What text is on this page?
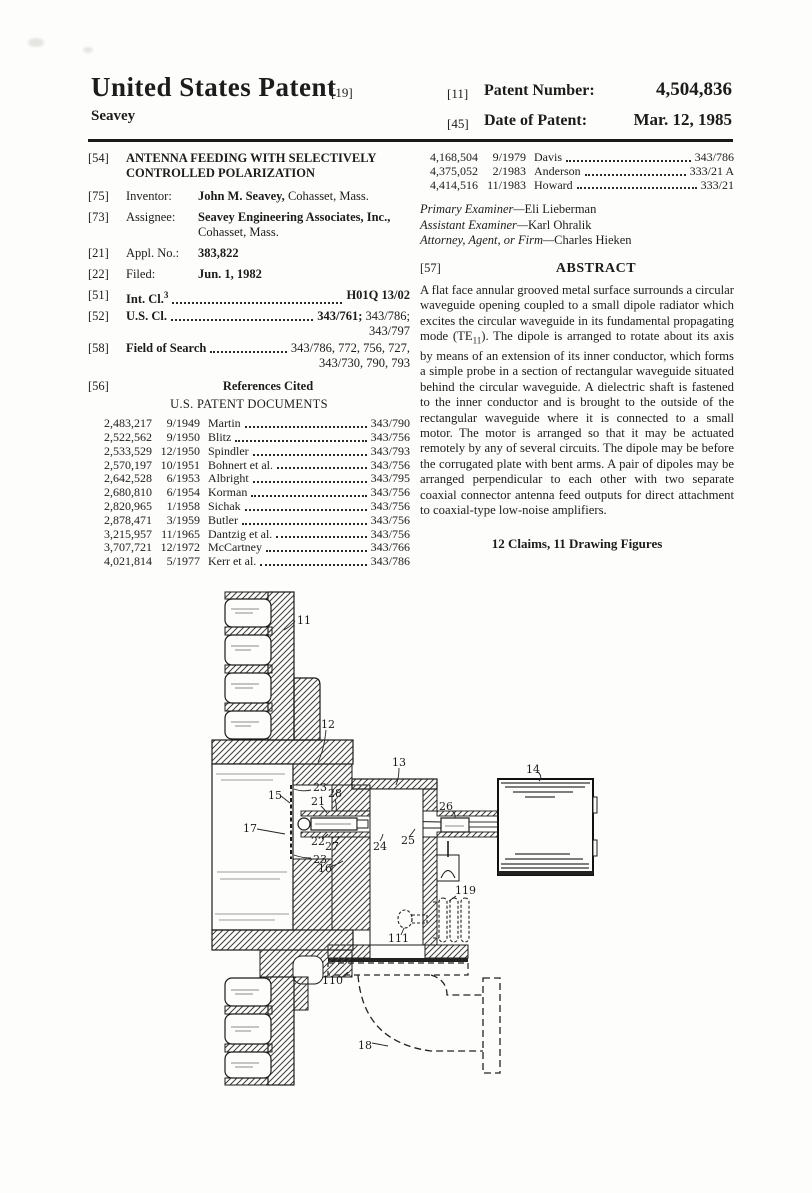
United States Patent
[19]
Seavey
[11] Patent Number:	4,504,836
[45] Date of Patent:	Mar. 12, 1985
[54]	ANTENNA FEEDING WITH SELECTIVELY
CONTROLLED POLARIZATION
[75]	Inventor:	John M. Seavey, Cohasset, Mass.
[73]	Assignee:	Seavey Engineering Associates, Inc.,
Cohasset, Mass.
[21]	Appl. No.:	383,822
[22]	Filed:	Jun. 1, 1982
[51]	Int. Cl.$^3$	H01Q 13/02
[52]	U.S. Cl.	343/761; 343/786;
343/797
[58]	Field of Search	343/786, 772, 756, 727,
343/730, 790, 793
[56]	References Cited
U.S. PATENT DOCUMENTS
2,483,217	9/1949 Martin	343/790
2,522,562	9/1950 Blitz	343/756
2,533,529 12/1950 Spindler	343/793
2,570,197 10/1951 Bohnert et al.	343/756
2,642,528	6/1953 Albright	343/795
2,680,810	6/1954 Korman	343/756
2,820,965	1/1958 Sichak	343/756
2,878,471	3/1959 Butler	343/756
3,215,957 11/1965 Dantzig et al.	343/756
3,707,721 12/1972 McCartney	343/766
4,021,814	5/1977 Kerr et al.	343/786
4,168,504	9/1979 Davis	343/786
4,375,052	2/1983 Anderson	333/21 A
4,414,516 11/1983 Howard	333/21
Primary Examiner—Eli Lieberman
Assistant Examiner—Karl Ohralik
Attorney, Agent, or Firm—Charles Hieken
[57]	ABSTRACT
A flat face annular grooved metal surface surrounds a circular waveguide opening coupled to a small dipole radiator which excites the circular waveguide in its fundamental propagating mode $(TE_{11})$. The dipole is arranged to rotate about its axis by means of an extension of its inner conductor, which forms a simple probe in a section of rectangular waveguide situated behind the circular waveguide. A dielectric shaft is fastened to the inner conductor and is brought to the outside of the rectangular waveguide where it is connected to a small motor. The motor is arranged so that it may be actuated remotely by any of several circuits. The dipole may be before the corrugated plate with bent arms. A pair of dipoles may be arranged perpendicular to each other with two separate coaxial connector antenna feed outputs for direct attachment to coaxial-type low-noise amplifiers.
12 Claims, 11 Drawing Figures
11
12
13
14
15
17
21
22
23
23
24 25
26
27
28
16
110
111
119
18
